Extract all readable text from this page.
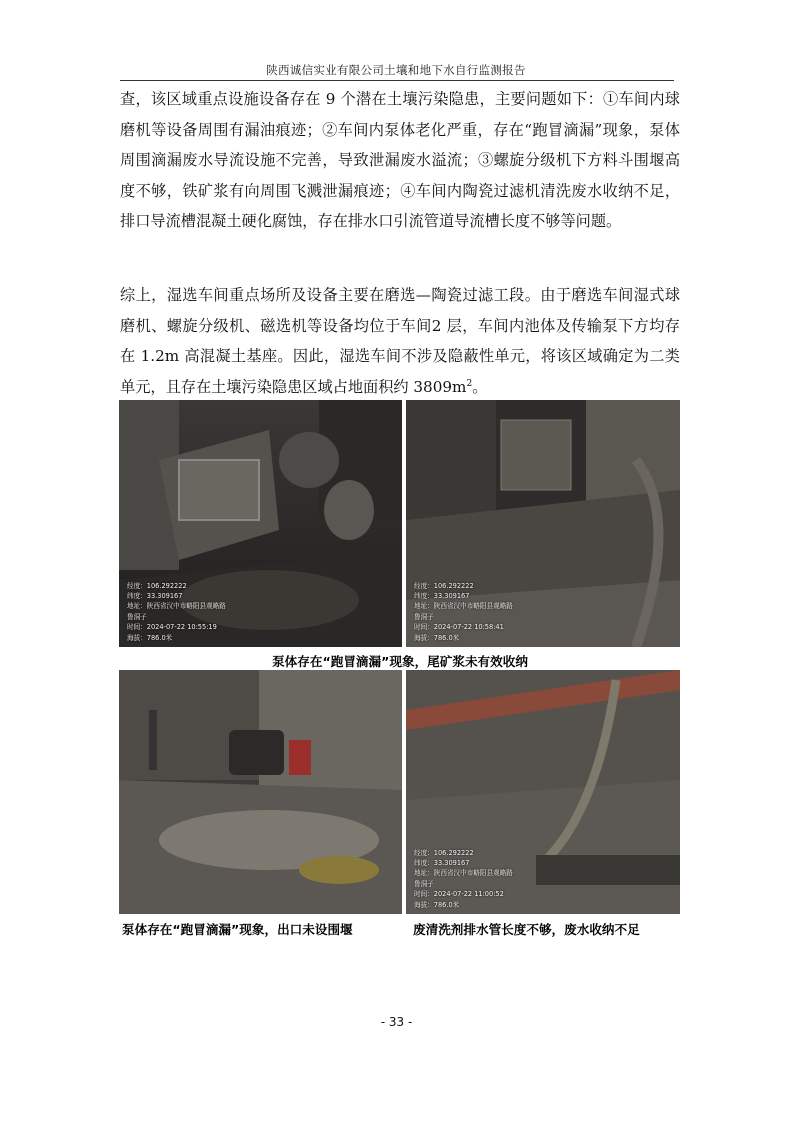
陕西诚信实业有限公司土壤和地下水自行监测报告

查，该区域重点设施设备存在 9 个潜在土壤污染隐患，主要问题如下：①车间内球磨机等设备周围有漏油痕迹；②车间内泵体老化严重，存在“跑冒滴漏”现象，泵体周围滴漏废水导流设施不完善，导致泄漏废水溢流；③螺旋分级机下方料斗围堰高度不够，铁矿浆有向周围飞溅泄漏痕迹；④车间内陶瓷过滤机清洗废水收纳不足，排口导流槽混凝土硬化腐蚀，存在排水口引流管道导流槽长度不够等问题。

综上，湿选车间重点场所及设备主要在磨选—陶瓷过滤工段。由于磨选车间湿式球磨机、螺旋分级机、磁选机等设备均位于车间2 层，车间内池体及传输泵下方均存在 1.2m 高混凝土基座。因此，湿选车间不涉及隐蔽性单元，将该区域确定为二类单元，且存在土壤污染隐患区域占地面积约 $3809m^2$。

经度：106.292222
纬度：33.309167
地址：陕西省汉中市略阳县观略路
鲁洞子
时间：2024-07-22 10:55:19
海拔：786.0米
经度：106.292222
纬度：33.309167
地址：陕西省汉中市略阳县观略路
鲁洞子
时间：2024-07-22 10:58:41
海拔：786.0米
泵体存在“跑冒滴漏”现象，尾矿浆未有效收纳
经度：106.292222
纬度：33.309167
地址：陕西省汉中市略阳县观略路
鲁洞子
时间：2024-07-22 11:00:52
海拔：786.0米
泵体存在“跑冒滴漏”现象，出口未设围堰	废清洗剂排水管长度不够，废水收纳不足
- 33 -
